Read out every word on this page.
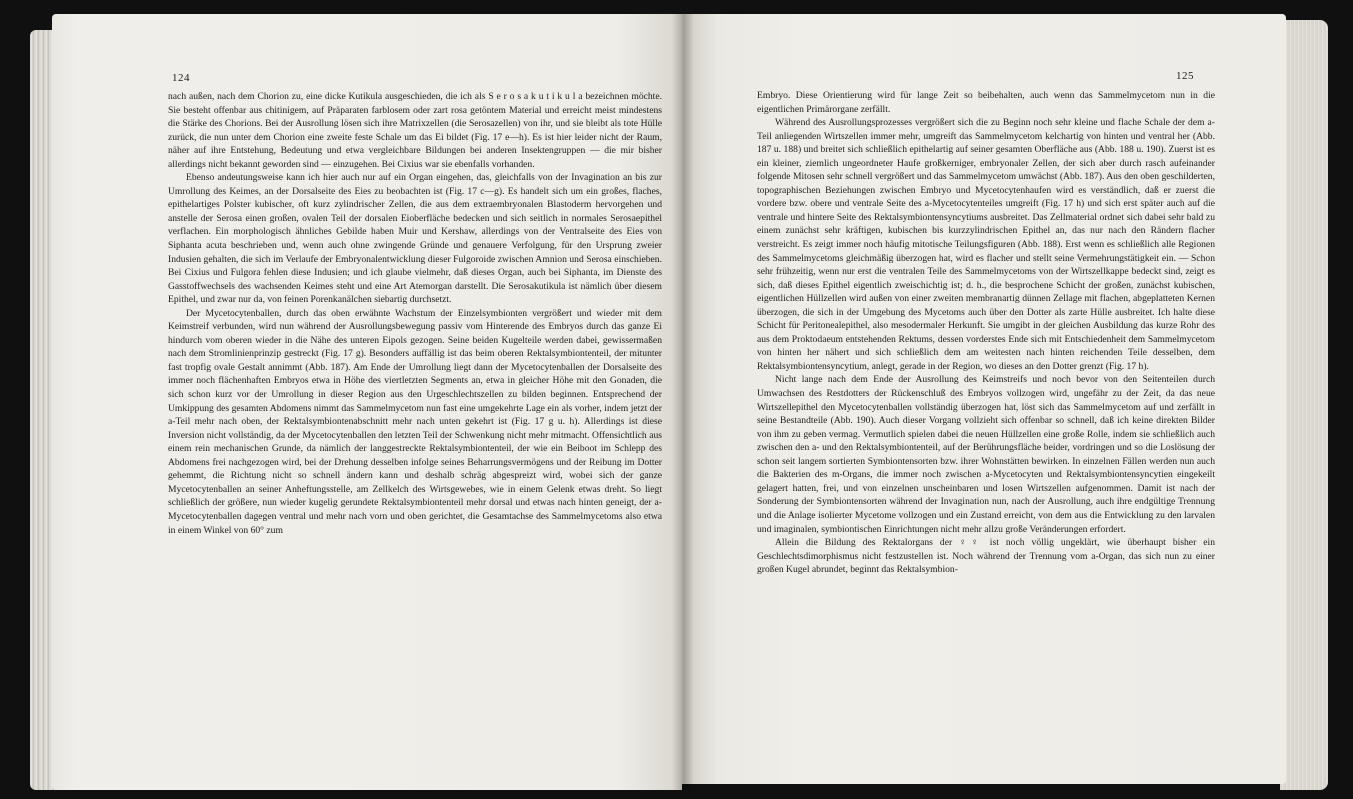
124

nach außen, nach dem Chorion zu, eine dicke Kutikula ausgeschieden, die ich als S e r o s a k u t i k u l a bezeichnen möchte. Sie besteht offenbar aus chitinigem, auf Präparaten farblosem oder zart rosa getöntem Material und erreicht meist mindestens die Stärke des Chorions. Bei der Ausrollung lösen sich ihre Matrixzellen (die Serosazellen) von ihr, und sie bleibt als tote Hülle zurück, die nun unter dem Chorion eine zweite feste Schale um das Ei bildet (Fig. 17 e—h). Es ist hier leider nicht der Raum, näher auf ihre Entstehung, Bedeutung und etwa vergleichbare Bildungen bei anderen Insektengruppen — die mir bisher allerdings nicht bekannt geworden sind — einzugehen. Bei Cixius war sie ebenfalls vorhanden.

Ebenso andeutungsweise kann ich hier auch nur auf ein Organ eingehen, das, gleichfalls von der Invagination an bis zur Umrollung des Keimes, an der Dorsalseite des Eies zu beobachten ist (Fig. 17 c—g). Es handelt sich um ein großes, flaches, epithelartiges Polster kubischer, oft kurz zylindrischer Zellen, die aus dem extraembryonalen Blastoderm hervorgehen und anstelle der Serosa einen großen, ovalen Teil der dorsalen Eioberfläche bedecken und sich seitlich in normales Serosaepithel verflachen. Ein morphologisch ähnliches Gebilde haben Muir und Kershaw, allerdings von der Ventralseite des Eies von Siphanta acuta beschrieben und, wenn auch ohne zwingende Gründe und genauere Verfolgung, für den Ursprung zweier Indusien gehalten, die sich im Verlaufe der Embryonalentwicklung dieser Fulgoroide zwischen Amnion und Serosa einschieben. Bei Cixius und Fulgora fehlen diese Indusien; und ich glaube vielmehr, daß dieses Organ, auch bei Siphanta, im Dienste des Gasstoffwechsels des wachsenden Keimes steht und eine Art Atemorgan darstellt. Die Serosakutikula ist nämlich über diesem Epithel, und zwar nur da, von feinen Porenkanälchen siebartig durchsetzt.

Der Mycetocytenballen, durch das oben erwähnte Wachstum der Einzelsymbionten vergrößert und wieder mit dem Keimstreif verbunden, wird nun während der Ausrollungsbewegung passiv vom Hinterende des Embryos durch das ganze Ei hindurch vom oberen wieder in die Nähe des unteren Eipols gezogen. Seine beiden Kugelteile werden dabei, gewissermaßen nach dem Stromlinienprinzip gestreckt (Fig. 17 g). Besonders auffällig ist das beim oberen Rektalsymbiontenteil, der mitunter fast tropfig ovale Gestalt annimmt (Abb. 187). Am Ende der Umrollung liegt dann der Mycetocytenballen der Dorsalseite des immer noch flächenhaften Embryos etwa in Höhe des viertletzten Segments an, etwa in gleicher Höhe mit den Gonaden, die sich schon kurz vor der Umrollung in dieser Region aus den Urgeschlechtszellen zu bilden beginnen. Entsprechend der Umkippung des gesamten Abdomens nimmt das Sammelmycetom nun fast eine umgekehrte Lage ein als vorher, indem jetzt der a-Teil mehr nach oben, der Rektalsymbiontenabschnitt mehr nach unten gekehrt ist (Fig. 17 g u. h). Allerdings ist diese Inversion nicht vollständig, da der Mycetocytenballen den letzten Teil der Schwenkung nicht mehr mitmacht. Offensichtlich aus einem rein mechanischen Grunde, da nämlich der langgestreckte Rektalsymbiontenteil, der wie ein Beiboot im Schlepp des Abdomens frei nachgezogen wird, bei der Drehung desselben infolge seines Beharrungsvermögens und der Reibung im Dotter gehemmt, die Richtung nicht so schnell ändern kann und deshalb schräg abgespreizt wird, wobei sich der ganze Mycetocytenballen an seiner Anheftungsstelle, am Zellkelch des Wirtsgewebes, wie in einem Gelenk etwas dreht. So liegt schließlich der größere, nun wieder kugelig gerundete Rektalsymbiontenteil mehr dorsal und etwas nach hinten geneigt, der a-Mycetocytenballen dagegen ventral und mehr nach vorn und oben gerichtet, die Gesamtachse des Sammelmycetoms also etwa in einem Winkel von 60° zum

125

Embryo. Diese Orientierung wird für lange Zeit so beibehalten, auch wenn das Sammelmycetom nun in die eigentlichen Primärorgane zerfällt.

Während des Ausrollungsprozesses vergrößert sich die zu Beginn noch sehr kleine und flache Schale der dem a-Teil anliegenden Wirtszellen immer mehr, umgreift das Sammelmycetom kelchartig von hinten und ventral her (Abb. 187 u. 188) und breitet sich schließlich epithelartig auf seiner gesamten Oberfläche aus (Abb. 188 u. 190). Zuerst ist es ein kleiner, ziemlich ungeordneter Haufe großkerniger, embryonaler Zellen, der sich aber durch rasch aufeinander folgende Mitosen sehr schnell vergrößert und das Sammelmycetom umwächst (Abb. 187). Aus den oben geschilderten, topographischen Beziehungen zwischen Embryo und Mycetocytenhaufen wird es verständlich, daß er zuerst die vordere bzw. obere und ventrale Seite des a-Mycetocytenteiles umgreift (Fig. 17 h) und sich erst später auch auf die ventrale und hintere Seite des Rektalsymbiontensyncytiums ausbreitet. Das Zellmaterial ordnet sich dabei sehr bald zu einem zunächst sehr kräftigen, kubischen bis kurzzylindrischen Epithel an, das nur nach den Rändern flacher verstreicht. Es zeigt immer noch häufig mitotische Teilungsfiguren (Abb. 188). Erst wenn es schließlich alle Regionen des Sammelmycetoms gleichmäßig überzogen hat, wird es flacher und stellt seine Vermehrungstätigkeit ein. — Schon sehr frühzeitig, wenn nur erst die ventralen Teile des Sammelmycetoms von der Wirtszellkappe bedeckt sind, zeigt es sich, daß dieses Epithel eigentlich zweischichtig ist; d. h., die besprochene Schicht der großen, zunächst kubischen, eigentlichen Hüllzellen wird außen von einer zweiten membranartig dünnen Zellage mit flachen, abgeplatteten Kernen überzogen, die sich in der Umgebung des Mycetoms auch über den Dotter als zarte Hülle ausbreitet. Ich halte diese Schicht für Peritonealepithel, also mesodermaler Herkunft. Sie umgibt in der gleichen Ausbildung das kurze Rohr des aus dem Proktodaeum entstehenden Rektums, dessen vorderstes Ende sich mit Entschiedenheit dem Sammelmycetom von hinten her nähert und sich schließlich dem am weitesten nach hinten reichenden Teile desselben, dem Rektalsymbiontensyncytium, anlegt, gerade in der Region, wo dieses an den Dotter grenzt (Fig. 17 h).

Nicht lange nach dem Ende der Ausrollung des Keimstreifs und noch bevor von den Seitenteilen durch Umwachsen des Restdotters der Rückenschluß des Embryos vollzogen wird, ungefähr zu der Zeit, da das neue Wirtszellepithel den Mycetocytenballen vollständig überzogen hat, löst sich das Sammelmycetom auf und zerfällt in seine Bestandteile (Abb. 190). Auch dieser Vorgang vollzieht sich offenbar so schnell, daß ich keine direkten Bilder von ihm zu geben vermag. Vermutlich spielen dabei die neuen Hüllzellen eine große Rolle, indem sie schließlich auch zwischen den a- und den Rektalsymbiontenteil, auf der Berührungsfläche beider, vordringen und so die Loslösung der schon seit langem sortierten Symbiontensorten bzw. ihrer Wohnstätten bewirken. In einzelnen Fällen werden nun auch die Bakterien des m-Organs, die immer noch zwischen a-Mycetocyten und Rektalsymbiontensyncytien eingekeilt gelagert hatten, frei, und von einzelnen unscheinbaren und losen Wirtszellen aufgenommen. Damit ist nach der Sonderung der Symbiontensorten während der Invagination nun, nach der Ausrollung, auch ihre endgültige Trennung und die Anlage isolierter Mycetome vollzogen und ein Zustand erreicht, von dem aus die Entwicklung zu den larvalen und imaginalen, symbiontischen Einrichtungen nicht mehr allzu große Veränderungen erfordert.

Allein die Bildung des Rektalorgans der ♀♀ ist noch völlig ungeklärt, wie überhaupt bisher ein Geschlechtsdimorphismus nicht festzustellen ist. Noch während der Trennung vom a-Organ, das sich nun zu einer großen Kugel abrundet, beginnt das Rektalsymbion-
